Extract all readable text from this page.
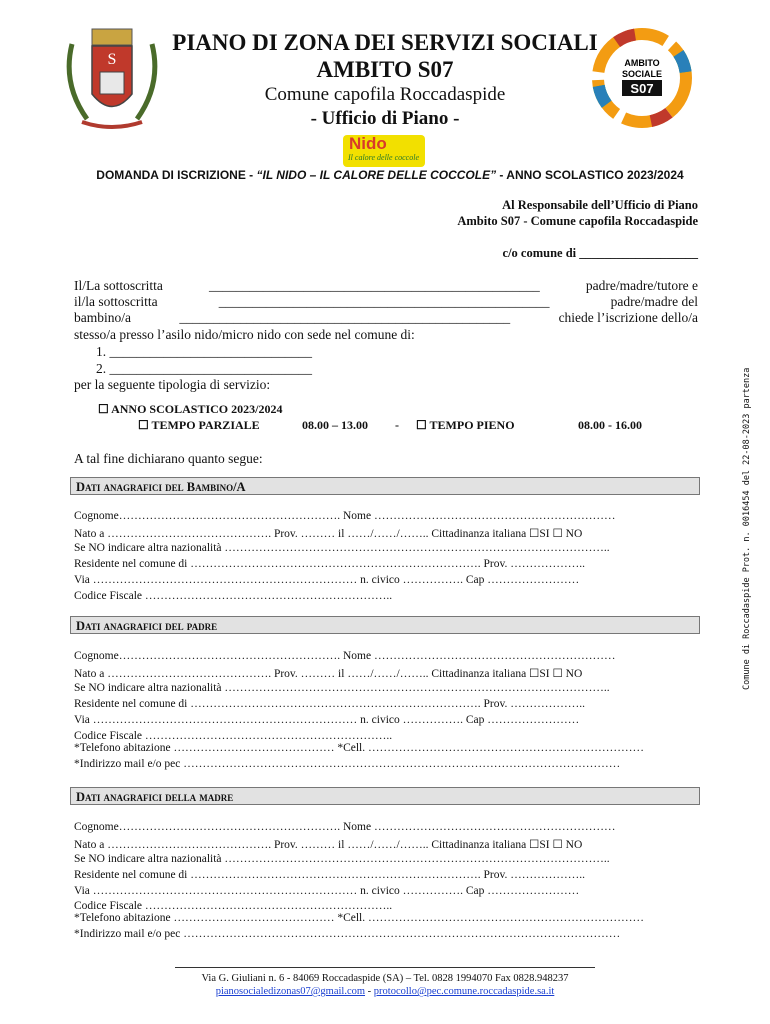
S	AMBITO
SOCIALE
S07
PIANO DI ZONA DEI SERVIZI SOCIALI
AMBITO S07
Comune capofila Roccadaspide
- Ufficio di Piano -
Nido
Il calore delle coccole
DOMANDA DI ISCRIZIONE - “IL NIDO – IL CALORE DELLE COCCOLE” - ANNO SCOLASTICO 2023/2024
Al Responsabile dell’Ufficio di Piano
Ambito S07 - Comune capofila Roccadaspide
c/o comune di ___________________
Il/La sottoscritta	_________________________________________________	padre/madre/tutore e
il/la sottoscritta	_________________________________________________	padre/madre del
bambino/a	_________________________________________________	chiede l’iscrizione dello/a
stesso/a presso l’asilo nido/micro nido con sede nel comune di:
1. ______________________________
2. ______________________________
per la seguente tipologia di servizio:
☐ ANNO SCOLASTICO 2023/2024
☐ TEMPO PARZIALE	08.00 – 13.00 - ☐ TEMPO PIENO	08.00 - 16.00
A tal fine dichiarano quanto segue:
Dati anagrafici del Bambino/A
Cognome…………………………………………………. Nome ………………………………………………………
Nato a ……………………………………. Prov. ……… il ……/……/…….. Cittadinanza italiana ☐SI ☐ NO
Se NO indicare altra nazionalità ………………………………………………………………………………………..
Residente nel comune di …………………………………………………………………. Prov. ………………..
Via …………………………………………………………… n. civico ……………. Cap ……………………
Codice Fiscale ………………………………………………………..
Dati anagrafici del padre
Cognome…………………………………………………. Nome ………………………………………………………
Nato a ……………………………………. Prov. ……… il ……/……/…….. Cittadinanza italiana ☐SI ☐ NO
Se NO indicare altra nazionalità ………………………………………………………………………………………..
Residente nel comune di …………………………………………………………………. Prov. ………………..
Via …………………………………………………………… n. civico ……………. Cap ……………………
Codice Fiscale ………………………………………………………..
*Telefono abitazione …………………………………… *Cell. ………………………………………………………………
*Indirizzo mail e/o pec ……………………………………………………………………………………………………
Dati anagrafici della madre
Cognome…………………………………………………. Nome ………………………………………………………
Nato a ……………………………………. Prov. ……… il ……/……/…….. Cittadinanza italiana ☐SI ☐ NO
Se NO indicare altra nazionalità ………………………………………………………………………………………..
Residente nel comune di …………………………………………………………………. Prov. ………………..
Via …………………………………………………………… n. civico ……………. Cap ……………………
Codice Fiscale ………………………………………………………..
*Telefono abitazione …………………………………… *Cell. ………………………………………………………………
*Indirizzo mail e/o pec ……………………………………………………………………………………………………
Comune di Roccadaspide Prot. n. 0016454 del 22-08-2023 partenza
Via G. Giuliani n. 6 - 84069 Roccadaspide (SA) – Tel. 0828 1994070 Fax 0828.948237
pianosocialedizonas07@gmail.com - protocollo@pec.comune.roccadaspide.sa.it
